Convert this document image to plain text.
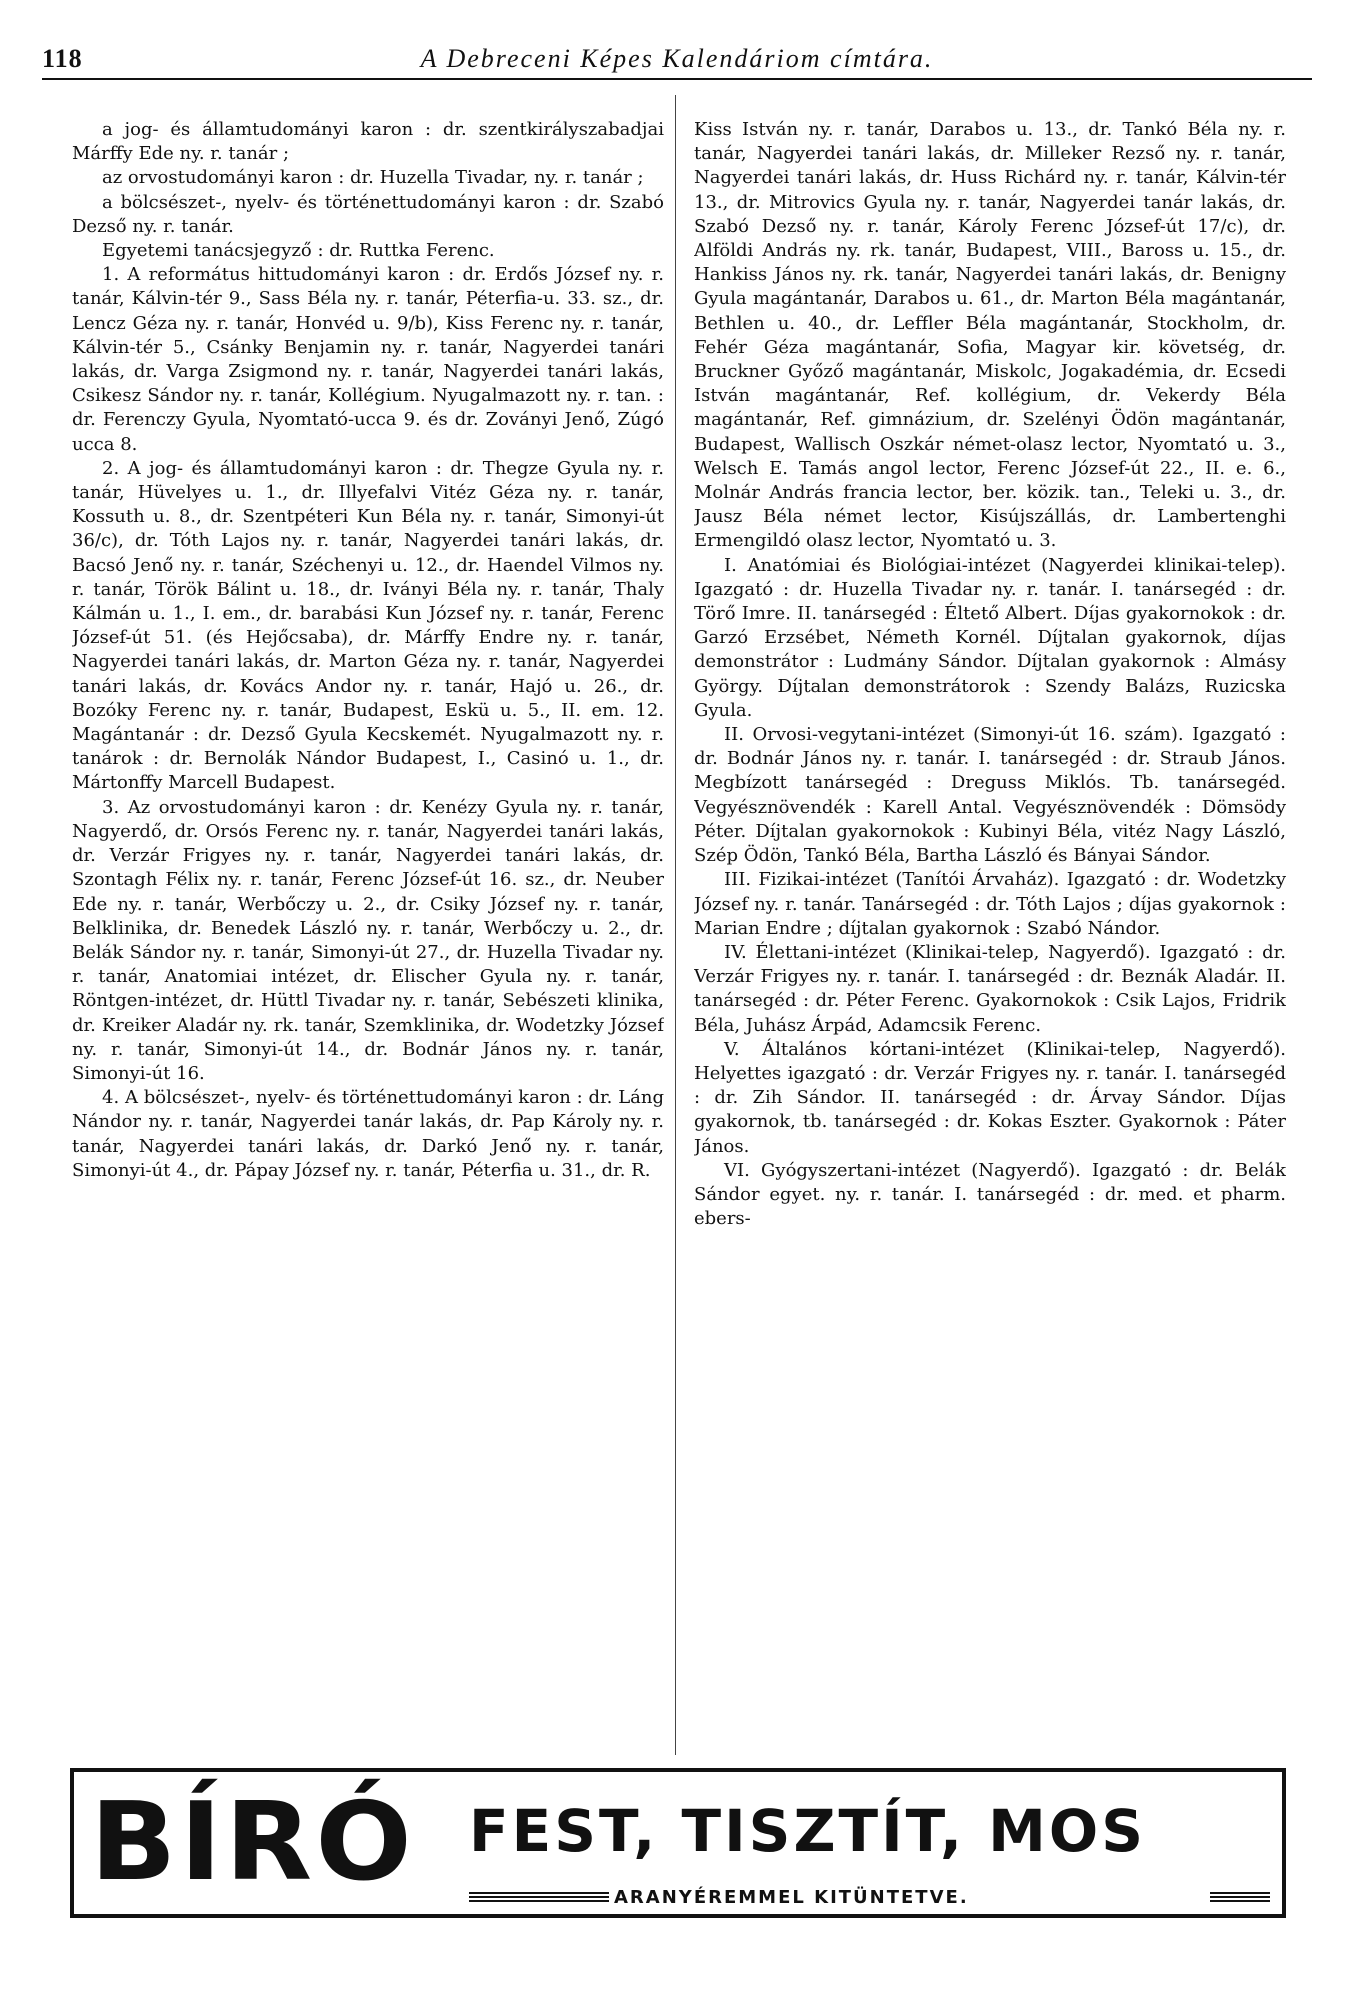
118	A Debreceni Képes Kalendáriom címtára.

a jog- és államtudományi karon : dr. szentkirályszabadjai Márffy Ede ny. r. tanár ;

az orvostudományi karon : dr. Huzella Tivadar, ny. r. tanár ;

a bölcsészet-, nyelv- és történettudományi karon : dr. Szabó Dezső ny. r. tanár.

Egyetemi tanácsjegyző : dr. Ruttka Ferenc.

1. A református hittudományi karon : dr. Erdős József ny. r. tanár, Kálvin-tér 9., Sass Béla ny. r. tanár, Péterfia-u. 33. sz., dr. Lencz Géza ny. r. tanár, Honvéd u. 9/b), Kiss Ferenc ny. r. tanár, Kálvin-tér 5., Csánky Benjamin ny. r. tanár, Nagyerdei tanári lakás, dr. Varga Zsigmond ny. r. tanár, Nagyerdei tanári lakás, Csikesz Sándor ny. r. tanár, Kollégium. Nyugalmazott ny. r. tan. : dr. Ferenczy Gyula, Nyomtató-ucca 9. és dr. Zoványi Jenő, Zúgó ucca 8.

2. A jog- és államtudományi karon : dr. Thegze Gyula ny. r. tanár, Hüvelyes u. 1., dr. Illyefalvi Vitéz Géza ny. r. tanár, Kossuth u. 8., dr. Szentpéteri Kun Béla ny. r. tanár, Simonyi-út 36/c), dr. Tóth Lajos ny. r. tanár, Nagyerdei tanári lakás, dr. Bacsó Jenő ny. r. tanár, Széchenyi u. 12., dr. Haendel Vilmos ny. r. tanár, Török Bálint u. 18., dr. Iványi Béla ny. r. tanár, Thaly Kálmán u. 1., I. em., dr. barabási Kun József ny. r. tanár, Ferenc József-út 51. (és Hejőcsaba), dr. Márffy Endre ny. r. tanár, Nagyerdei tanári lakás, dr. Marton Géza ny. r. tanár, Nagyerdei tanári lakás, dr. Kovács Andor ny. r. tanár, Hajó u. 26., dr. Bozóky Ferenc ny. r. tanár, Budapest, Eskü u. 5., II. em. 12. Magántanár : dr. Dezső Gyula Kecskemét. Nyugalmazott ny. r. tanárok : dr. Bernolák Nándor Budapest, I., Casinó u. 1., dr. Mártonffy Marcell Budapest.

3. Az orvostudományi karon : dr. Kenézy Gyula ny. r. tanár, Nagyerdő, dr. Orsós Ferenc ny. r. tanár, Nagyerdei tanári lakás, dr. Verzár Frigyes ny. r. tanár, Nagyerdei tanári lakás, dr. Szontagh Félix ny. r. tanár, Ferenc József-út 16. sz., dr. Neuber Ede ny. r. tanár, Werbőczy u. 2., dr. Csiky József ny. r. tanár, Belklinika, dr. Benedek László ny. r. tanár, Werbőczy u. 2., dr. Belák Sándor ny. r. tanár, Simonyi-út 27., dr. Huzella Tivadar ny. r. tanár, Anatomiai intézet, dr. Elischer Gyula ny. r. tanár, Röntgen-intézet, dr. Hüttl Tivadar ny. r. tanár, Sebészeti klinika, dr. Kreiker Aladár ny. rk. tanár, Szemklinika, dr. Wodetzky József ny. r. tanár, Simonyi-út 14., dr. Bodnár János ny. r. tanár, Simonyi-út 16.

4. A bölcsészet-, nyelv- és történettudományi karon : dr. Láng Nándor ny. r. tanár, Nagyerdei tanár lakás, dr. Pap Károly ny. r. tanár, Nagyerdei tanári lakás, dr. Darkó Jenő ny. r. tanár, Simonyi-út 4., dr. Pápay József ny. r. tanár, Péterfia u. 31., dr. R.

Kiss István ny. r. tanár, Darabos u. 13., dr. Tankó Béla ny. r. tanár, Nagyerdei tanári lakás, dr. Milleker Rezső ny. r. tanár, Nagyerdei tanári lakás, dr. Huss Richárd ny. r. tanár, Kálvin-tér 13., dr. Mitrovics Gyula ny. r. tanár, Nagyerdei tanár lakás, dr. Szabó Dezső ny. r. tanár, Károly Ferenc József-út 17/c), dr. Alföldi András ny. rk. tanár, Budapest, VIII., Baross u. 15., dr. Hankiss János ny. rk. tanár, Nagyerdei tanári lakás, dr. Benigny Gyula magántanár, Darabos u. 61., dr. Marton Béla magántanár, Bethlen u. 40., dr. Leffler Béla magántanár, Stockholm, dr. Fehér Géza magántanár, Sofia, Magyar kir. követség, dr. Bruckner Győző magántanár, Miskolc, Jogakadémia, dr. Ecsedi István magántanár, Ref. kollégium, dr. Vekerdy Béla magántanár, Ref. gimnázium, dr. Szelényi Ödön magántanár, Budapest, Wallisch Oszkár német-olasz lector, Nyomtató u. 3., Welsch E. Tamás angol lector, Ferenc József-út 22., II. e. 6., Molnár András francia lector, ber. közik. tan., Teleki u. 3., dr. Jausz Béla német lector, Kisújszállás, dr. Lambertenghi Ermengildó olasz lector, Nyomtató u. 3.

I. Anatómiai és Biológiai-intézet (Nagyerdei klinikai-telep). Igazgató : dr. Huzella Tivadar ny. r. tanár. I. tanársegéd : dr. Törő Imre. II. tanársegéd : Éltető Albert. Díjas gyakornokok : dr. Garzó Erzsébet, Németh Kornél. Díjtalan gyakornok, díjas demonstrátor : Ludmány Sándor. Díjtalan gyakornok : Almásy György. Díjtalan demonstrátorok : Szendy Balázs, Ruzicska Gyula.

II. Orvosi-vegytani-intézet (Simonyi-út 16. szám). Igazgató : dr. Bodnár János ny. r. tanár. I. tanársegéd : dr. Straub János. Megbízott tanársegéd : Dreguss Miklós. Tb. tanársegéd. Vegyésznövendék : Karell Antal. Vegyésznövendék : Dömsödy Péter. Díjtalan gyakornokok : Kubinyi Béla, vitéz Nagy László, Szép Ödön, Tankó Béla, Bartha László és Bányai Sándor.

III. Fizikai-intézet (Tanítói Árvaház). Igazgató : dr. Wodetzky József ny. r. tanár. Tanársegéd : dr. Tóth Lajos ; díjas gyakornok : Marian Endre ; díjtalan gyakornok : Szabó Nándor.

IV. Élettani-intézet (Klinikai-telep, Nagyerdő). Igazgató : dr. Verzár Frigyes ny. r. tanár. I. tanársegéd : dr. Beznák Aladár. II. tanársegéd : dr. Péter Ferenc. Gyakornokok : Csik Lajos, Fridrik Béla, Juhász Árpád, Adamcsik Ferenc.

V. Általános kórtani-intézet (Klinikai-telep, Nagyerdő). Helyettes igazgató : dr. Verzár Frigyes ny. r. tanár. I. tanársegéd : dr. Zih Sándor. II. tanársegéd : dr. Árvay Sándor. Díjas gyakornok, tb. tanársegéd : dr. Kokas Eszter. Gyakornok : Páter János.

VI. Gyógyszertani-intézet (Nagyerdő). Igazgató : dr. Belák Sándor egyet. ny. r. tanár. I. tanársegéd : dr. med. et pharm. ebers-

BÍRÓ FEST, TISZTÍT, MOS
ARANYÉREMMEL KITÜNTETVE.
